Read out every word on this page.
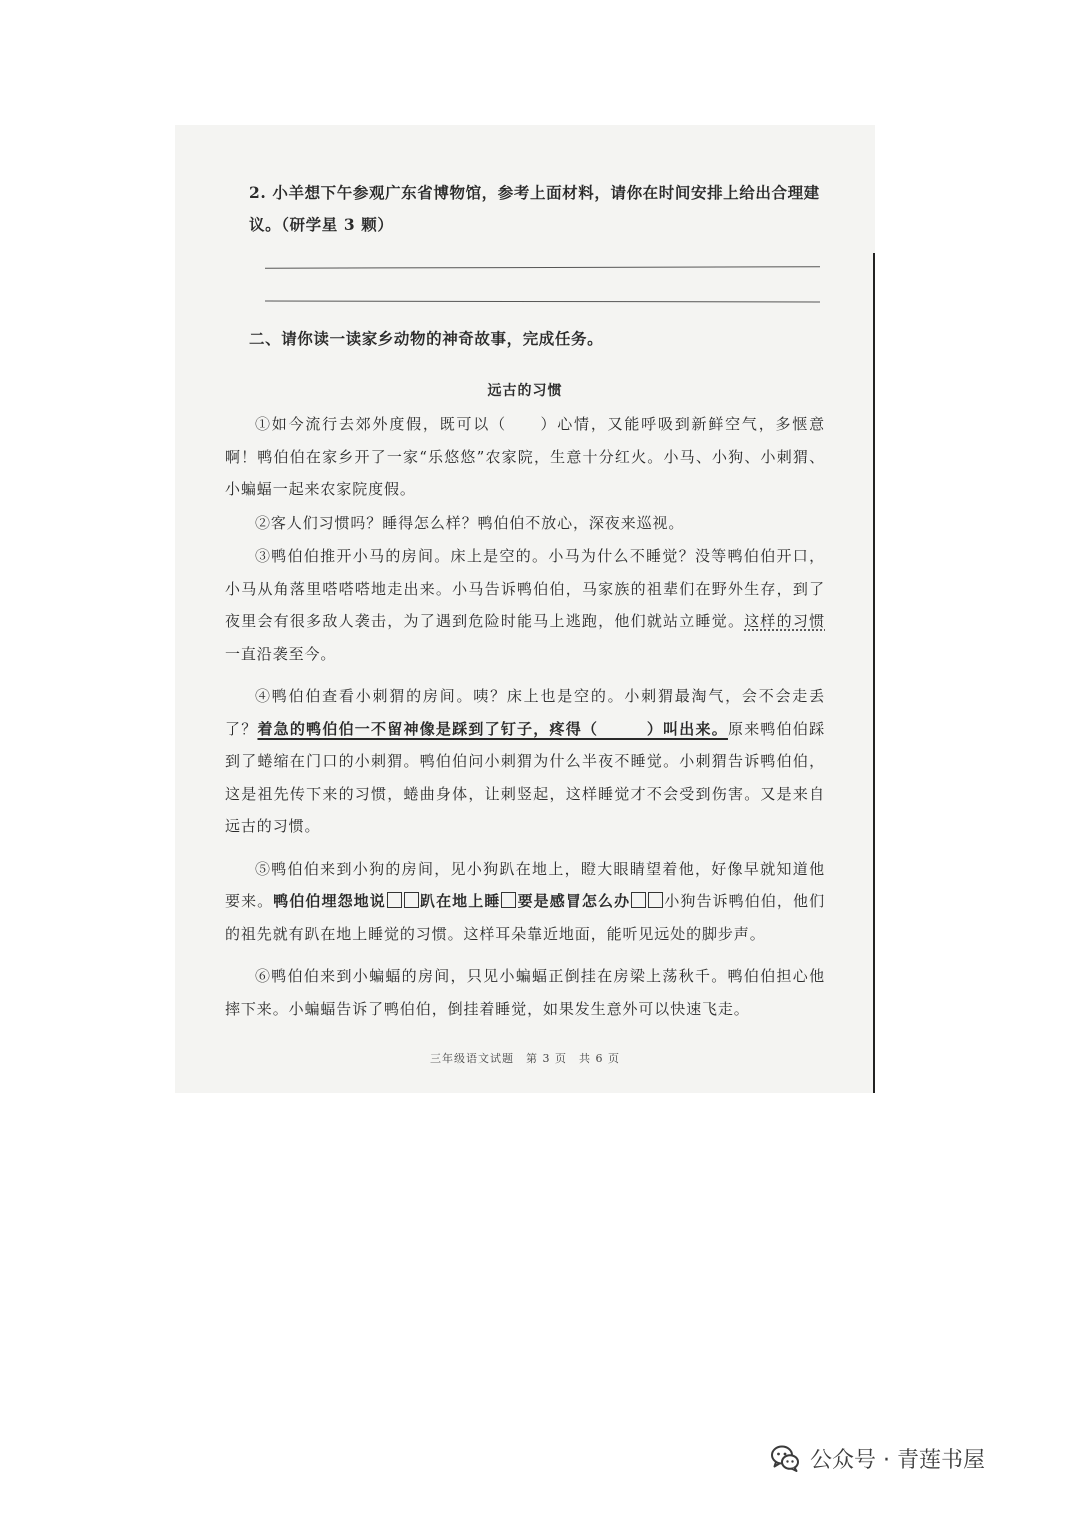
2. 小羊想下午参观广东省博物馆，参考上面材料，请你在时间安排上给出合理建议。（研学星 3 颗）
二、请你读一读家乡动物的神奇故事，完成任务。
远古的习惯

①如今流行去郊外度假，既可以（　　）心情，又能呼吸到新鲜空气，多惬意啊！鸭伯伯在家乡开了一家“乐悠悠”农家院，生意十分红火。小马、小狗、小刺猬、小蝙蝠一起来农家院度假。

②客人们习惯吗？睡得怎么样？鸭伯伯不放心，深夜来巡视。

③鸭伯伯推开小马的房间。床上是空的。小马为什么不睡觉？没等鸭伯伯开口，小马从角落里嗒嗒嗒地走出来。小马告诉鸭伯伯，马家族的祖辈们在野外生存，到了夜里会有很多敌人袭击，为了遇到危险时能马上逃跑，他们就站立睡觉。这样的习惯一直沿袭至今。

④鸭伯伯查看小刺猬的房间。咦？床上也是空的。小刺猬最淘气，会不会走丢了？着急的鸭伯伯一不留神像是踩到了钉子，疼得（　　　）叫出来。原来鸭伯伯踩到了蜷缩在门口的小刺猬。鸭伯伯问小刺猬为什么半夜不睡觉。小刺猬告诉鸭伯伯，这是祖先传下来的习惯，蜷曲身体，让刺竖起，这样睡觉才不会受到伤害。又是来自远古的习惯。

⑤鸭伯伯来到小狗的房间，见小狗趴在地上，瞪大眼睛望着他，好像早就知道他要来。鸭伯伯埋怨地说 趴在地上睡 要是感冒怎么办 小狗告诉鸭伯伯，他们的祖先就有趴在地上睡觉的习惯。这样耳朵靠近地面，能听见远处的脚步声。

⑥鸭伯伯来到小蝙蝠的房间，只见小蝙蝠正倒挂在房梁上荡秋千。鸭伯伯担心他摔下来。小蝙蝠告诉了鸭伯伯，倒挂着睡觉，如果发生意外可以快速飞走。

三年级语文试题　第 3 页　共 6 页
公众号 · 青莲书屋
